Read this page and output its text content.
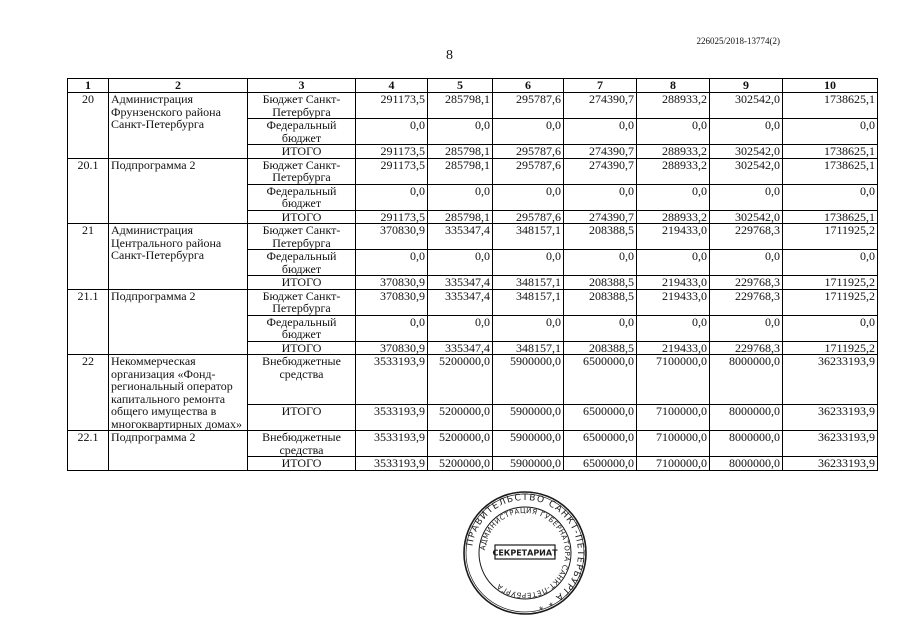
226025/2018-13774(2)
8
1	2	3	4	5	6	7	8	9	10
20	Администрация Фрунзенского района Санкт-Петербурга	Бюджет Санкт-Петербурга	291173,5	285798,1	295787,6	274390,7	288933,2	302542,0	1738625,1
		Федеральный бюджет	0,0	0,0	0,0	0,0	0,0	0,0	0,0
		ИТОГО	291173,5	285798,1	295787,6	274390,7	288933,2	302542,0	1738625,1
20.1	Подпрограмма 2	Бюджет Санкт-Петербурга	291173,5	285798,1	295787,6	274390,7	288933,2	302542,0	1738625,1
		Федеральный бюджет	0,0	0,0	0,0	0,0	0,0	0,0	0,0
		ИТОГО	291173,5	285798,1	295787,6	274390,7	288933,2	302542,0	1738625,1
21	Администрация Центрального района Санкт-Петербурга	Бюджет Санкт-Петербурга	370830,9	335347,4	348157,1	208388,5	219433,0	229768,3	1711925,2
		Федеральный бюджет	0,0	0,0	0,0	0,0	0,0	0,0	0,0
		ИТОГО	370830,9	335347,4	348157,1	208388,5	219433,0	229768,3	1711925,2
21.1	Подпрограмма 2	Бюджет Санкт-Петербурга	370830,9	335347,4	348157,1	208388,5	219433,0	229768,3	1711925,2
		Федеральный бюджет	0,0	0,0	0,0	0,0	0,0	0,0	0,0
		ИТОГО	370830,9	335347,4	348157,1	208388,5	219433,0	229768,3	1711925,2
22	Некоммерческая организация «Фонд-региональный оператор капитального ремонта общего имущества в многоквартирных домах»	Внебюджетные средства	3533193,9	5200000,0	5900000,0	6500000,0	7100000,0	8000000,0	36233193,9
		ИТОГО	3533193,9	5200000,0	5900000,0	6500000,0	7100000,0	8000000,0	36233193,9
22.1	Подпрограмма 2	Внебюджетные средства	3533193,9	5200000,0	5900000,0	6500000,0	7100000,0	8000000,0	36233193,9
		ИТОГО	3533193,9	5200000,0	5900000,0	6500000,0	7100000,0	8000000,0	36233193,9
ПРАВИТЕЛЬСТВО САНКТ-ПЕТЕРБУРГА * *
АДМИНИСТРАЦИЯ ГУБЕРНАТОРА САНКТ-ПЕТЕРБУРГА
СЕКРЕТАРИАТ
